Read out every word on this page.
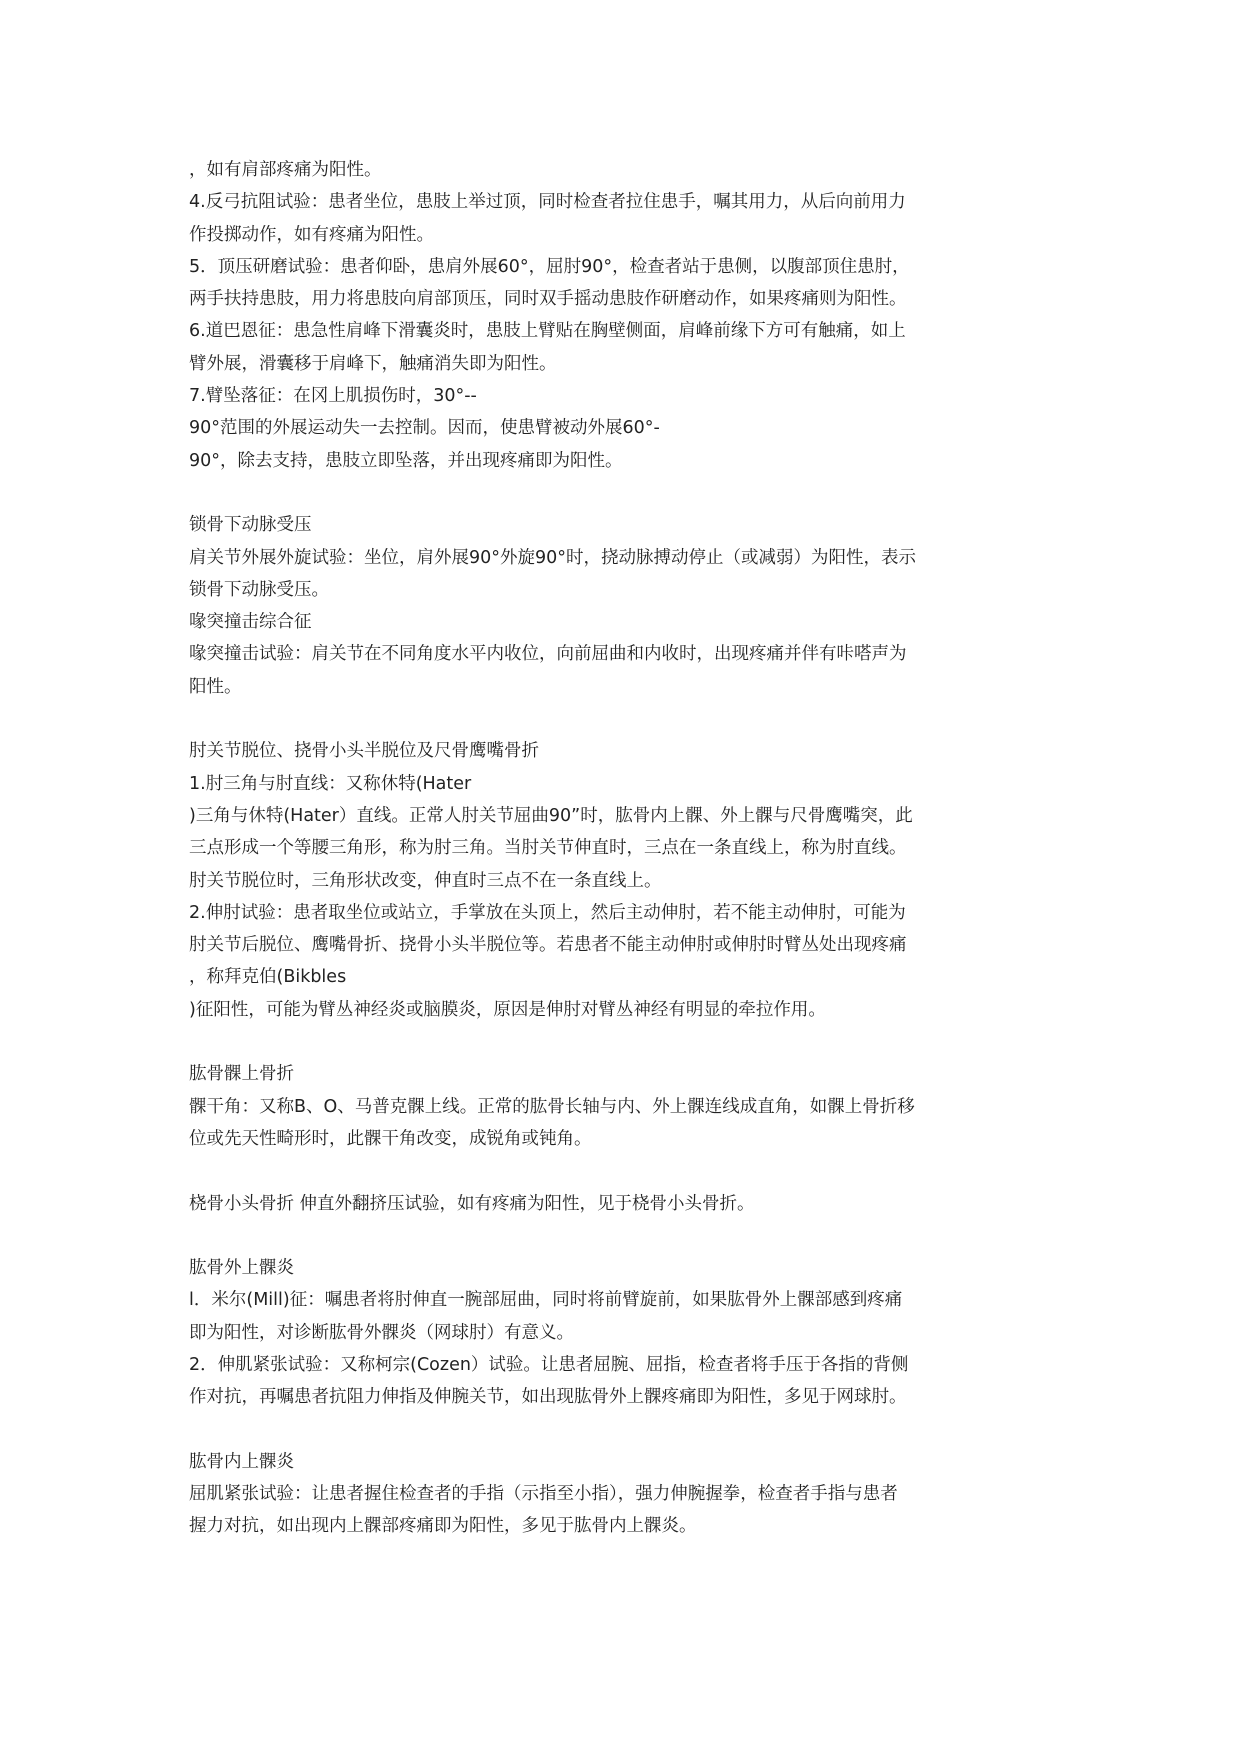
，如有肩部疼痛为阳性。
4.反弓抗阻试验：患者坐位，患肢上举过顶，同时检查者拉住患手，嘱其用力，从后向前用力
作投掷动作，如有疼痛为阳性。
5．顶压研磨试验：患者仰卧，患肩外展60°，屈肘90°，检查者站于患侧，以腹部顶住患肘，
两手扶持患肢，用力将患肢向肩部顶压，同时双手摇动患肢作研磨动作，如果疼痛则为阳性。
6.道巴恩征：患急性肩峰下滑囊炎时，患肢上臂贴在胸壁侧面，肩峰前缘下方可有触痛，如上
臂外展，滑囊移于肩峰下，触痛消失即为阳性。
7.臂坠落征：在冈上肌损伤时，30°--
90°范围的外展运动失一去控制。因而，使患臂被动外展60°-
90°，除去支持，患肢立即坠落，并出现疼痛即为阳性。
锁骨下动脉受压
肩关节外展外旋试验：坐位，肩外展90°外旋90°时，挠动脉搏动停止（或减弱）为阳性，表示
锁骨下动脉受压。
喙突撞击综合征
喙突撞击试验：肩关节在不同角度水平内收位，向前屈曲和内收时，出现疼痛并伴有咔嗒声为
阳性。
肘关节脱位、挠骨小头半脱位及尺骨鹰嘴骨折
1.肘三角与肘直线：又称休特(Hater
)三角与休特(Hater）直线。正常人肘关节屈曲90”时，肱骨内上髁、外上髁与尺骨鹰嘴突，此
三点形成一个等腰三角形，称为肘三角。当肘关节伸直时，三点在一条直线上，称为肘直线。
肘关节脱位时，三角形状改变，伸直时三点不在一条直线上。
2.伸肘试验：患者取坐位或站立，手掌放在头顶上，然后主动伸肘，若不能主动伸肘，可能为
肘关节后脱位、鹰嘴骨折、挠骨小头半脱位等。若患者不能主动伸肘或伸肘时臂丛处出现疼痛
，称拜克伯(Bikbles
)征阳性，可能为臂丛神经炎或脑膜炎，原因是伸肘对臂丛神经有明显的牵拉作用。
肱骨髁上骨折
髁干角：又称B、O、马普克髁上线。正常的肱骨长轴与内、外上髁连线成直角，如髁上骨折移
位或先天性畸形时，此髁干角改变，成锐角或钝角。
桡骨小头骨折 伸直外翻挤压试验，如有疼痛为阳性，见于桡骨小头骨折。
肱骨外上髁炎
l．米尔(Mill)征：嘱患者将肘伸直一腕部屈曲，同时将前臂旋前，如果肱骨外上髁部感到疼痛
即为阳性，对诊断肱骨外髁炎（网球肘）有意义。
2．伸肌紧张试验：又称柯宗(Cozen）试验。让患者屈腕、屈指，检查者将手压于各指的背侧
作对抗，再嘱患者抗阻力伸指及伸腕关节，如出现肱骨外上髁疼痛即为阳性，多见于网球肘。
肱骨内上髁炎
屈肌紧张试验：让患者握住检查者的手指（示指至小指），强力伸腕握拳，检查者手指与患者
握力对抗，如出现内上髁部疼痛即为阳性，多见于肱骨内上髁炎。
